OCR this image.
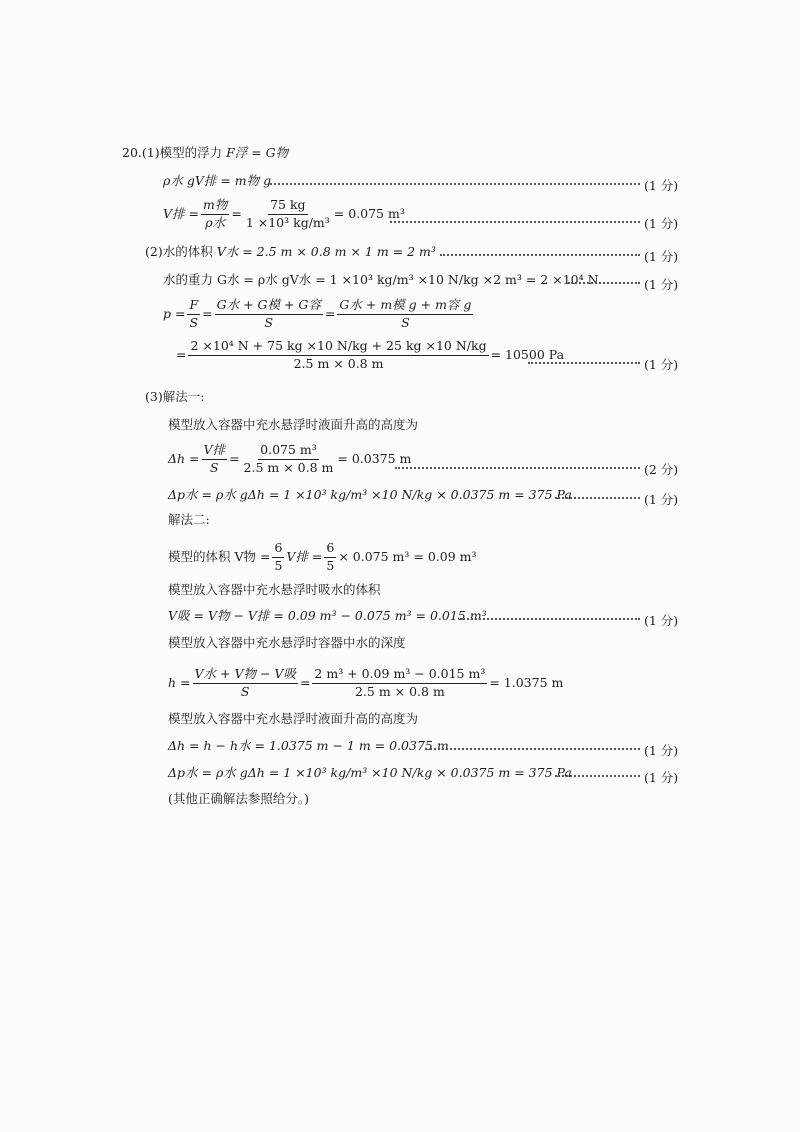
20.(1)模型的浮力 F浮 = G物
ρ水 gV排 = m物 g	(1 分)
V排 = $\frac{\text{m物}}{\text{ρ水}} = \frac{75 kg}{\text{1 ×10³ kg/m³}} = 0.075$ m³
(1 分)
(2)水的体积 V水 = 2.5 m × 0.8 m × 1 m = 2 m³	(1 分)
水的重力 G水 = ρ水 gV水 = 1 ×10³ kg/m³ ×10 N/kg ×2 m³ = 2 ×10⁴ N	(1 分)
$p = \frac{F}{S} = \frac{\text{G水 + G模 + G容}}{S} = \frac{\text{G水 + m模 g + m容 g}}{S}$
= $\frac{\text{2 ×10⁴ N + 75 kg ×10 N/kg + 25 kg ×10 N/kg}}{2.5 m \times 0.8 m} = 10500$ Pa
(1 分)
(3)解法一:
模型放入容器中充水悬浮时液面升高的高度为
$\Delta h = \frac{\text{V排}}{S} = \frac{\text{0.075 m³}}{2.5 m \times 0.8 m} = 0.0375$ m
(2 分)
Δp水 = ρ水 gΔh = 1 ×10³ kg/m³ ×10 N/kg × 0.0375 m = 375 Pa	(1 分)
解法二:
模型的体积 V物 = $\frac{6}{5}$ V排 = $\frac{6}{5} \times 0.075$ m³ = 0.09 m³
模型放入容器中充水悬浮时吸水的体积
V吸 = V物 − V排 = 0.09 m³ − 0.075 m³ = 0.015 m³	(1 分)
模型放入容器中充水悬浮时容器中水的深度
$h = \frac{\text{V水 + V物 − V吸}}{S} = \frac{\text{2 m³ + 0.09 m³ − 0.015 m³}}{2.5 m \times 0.8 m} = 1.0375$ m
模型放入容器中充水悬浮时液面升高的高度为
Δh = h − h水 = 1.0375 m − 1 m = 0.0375 m	(1 分)
Δp水 = ρ水 gΔh = 1 ×10³ kg/m³ ×10 N/kg × 0.0375 m = 375 Pa	(1 分)
(其他正确解法参照给分。)
